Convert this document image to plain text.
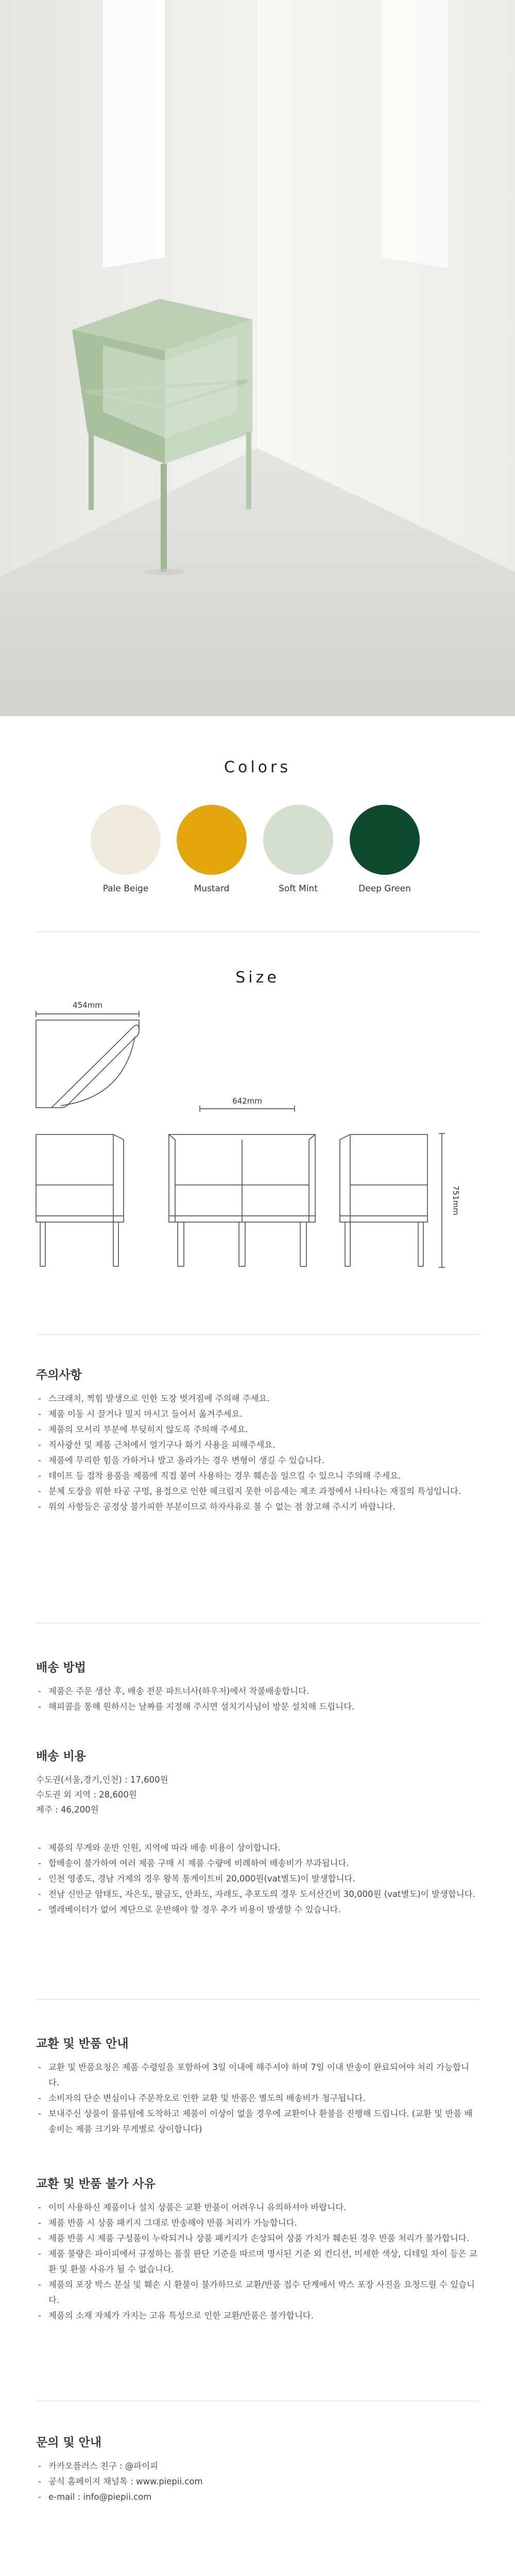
Colors
Pale Beige	Mustard	Soft Mint	Deep Green
Size
454mm
642mm
751mm
주의사항
- 스크래치, 찍힘 발생으로 인한 도장 벗겨짐에 주의해 주세요.
- 제품 이동 시 끌거나 밀지 마시고 들어서 옮겨주세요.
- 제품의 모서리 부분에 부딪히지 않도록 주의해 주세요.
- 직사광선 및 제품 근처에서 열기구나 화기 사용을 피해주세요.
- 제품에 무리한 힘을 가하거나 발고 올라가는 경우 변형이 생길 수 있습니다.
- 테이프 등 접착 용품을 제품에 직접 붙여 사용하는 경우 훼손을 일으킬 수 있으니 주의해 주세요.
- 분체 도장을 위한 타공 구멍, 용접으로 인한 헤크립지 못한 이음새는 제조 과정에서 나타나는 재질의 특성입니다.
- 위의 사항들은 공정상 불가피한 부분이므로 하자사유로 볼 수 없는 점 참고해 주시기 바랍니다.
배송 방법
- 제품은 주문 생산 후, 배송 전문 파트너사(하우저)에서 착불배송합니다.
- 해피콜을 통해 원하시는 날짜를 지정해 주시면 설치기사님이 방문 설치해 드립니다.
배송 비용
수도권(서울,경기,인천) : 17,600원
수도권 외 지역 : 28,600원
제주 : 46,200원
- 제품의 무게와 운반 인원, 지역에 따라 배송 비용이 상이합니다.
- 합배송이 불가하여 여러 제품 구매 시 제품 수량에 비례하여 배송비가 부과됩니다.
- 인천 영종도, 경남 거제의 경우 왕복 통게이트비 20,000원(vat별도)이 발생합니다.
- 전남 신안군 암태도, 자은도, 팔금도, 안좌도, 자레도, 추포도의 경우 도서산간비 30,000원 (vat별도)이 발생합니다.
- 엘레베이터가 없어 계단으로 운반해야 할 경우 추가 비용이 발생할 수 있습니다.
교환 및 반품 안내
- 교환 및 반품요청은 제품 수령일을 포함하여 3일 이내에 해주셔야 하며 7일 이내 반송이 완료되어야 처리 가능합니다.
- 소비자의 단순 변심이나 주문착오로 인한 교환 및 반품은 별도의 배송비가 청구됩니다.
- 보내주신 상품이 물류팀에 도착하고 제품이 이상이 없을 경우에 교환이나 환불을 진행해 드립니다. (교환 및 반품 배송비는 제품 크기와 무게별로 상이합니다)
교환 및 반품 불가 사유
- 이미 사용하신 제품이나 설치 상품은 교환 반품이 어려우니 유의하셔야 바랍니다.
- 제품 반품 시 상품 패키지 그대로 반송해야 반품 처리가 가능합니다.
- 제품 반품 시 제품 구성품이 누락되거나 상품 패키지가 손상되어 상품 가치가 훼손된 경우 반품 처리가 불가합니다.
- 제품 불량은 파이피에서 규정하는 품질 판단 기준을 따르며 명시된 기준 외 컨디션, 미세한 색상, 디테일 차이 등은 교환 및 환불 사유가 될 수 없습니다.
- 제품의 포장 박스 분실 및 훼손 시 환불이 불가하므로 교환/반품 접수 단계에서 박스 포장 사진을 요청드릴 수 있습니다.
- 제품의 소재 자체가 가지는 고유 특성으로 인한 교환/반품은 불가합니다.
문의 및 안내
- 카카오플러스 친구 : @파이피
- 공식 홈페이지 채널톡 : www.piepii.com
- e-mail : info@piepii.com
